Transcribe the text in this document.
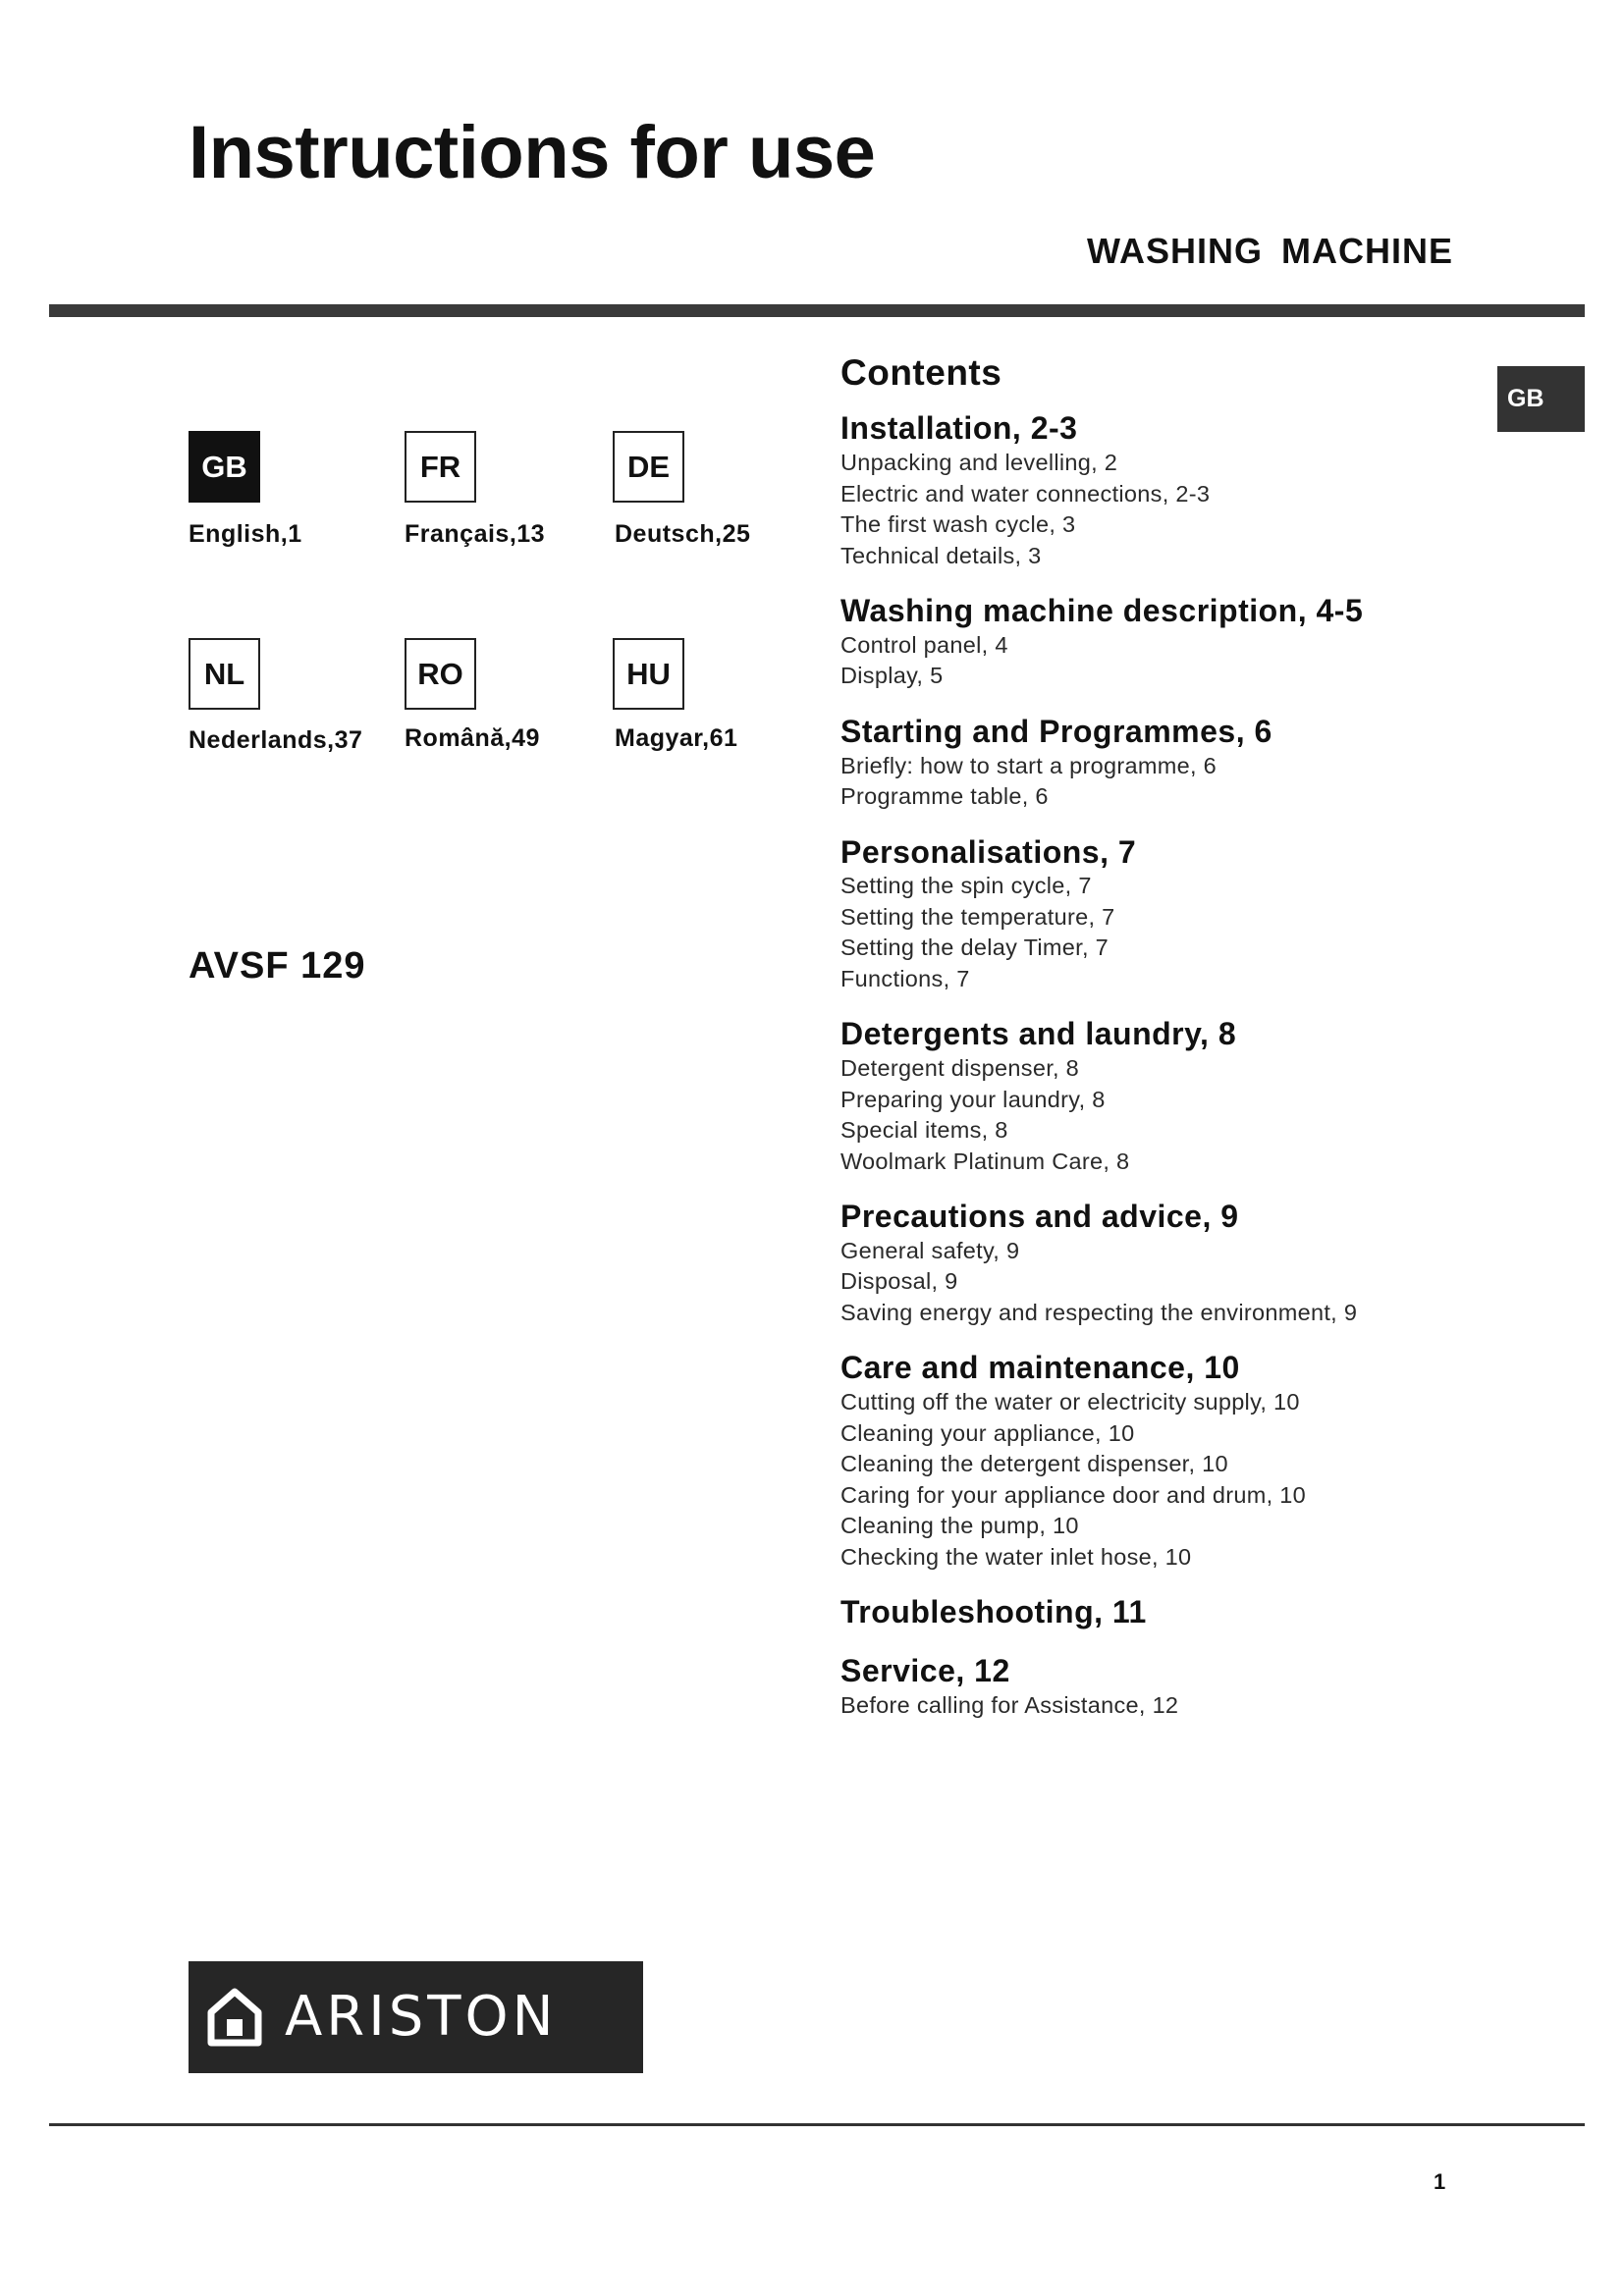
Instructions for use
WASHING MACHINE
GB
GB
English,1
FR
Français,13
DE
Deutsch,25
NL
Nederlands,37
RO
Română,49
HU
Magyar,61
AVSF 129
Contents
Installation, 2-3
Unpacking and levelling, 2
Electric and water connections, 2-3
The first wash cycle, 3
Technical details, 3
Washing machine description, 4-5
Control panel, 4
Display, 5
Starting and Programmes, 6
Briefly: how to start a programme, 6
Programme table, 6
Personalisations, 7
Setting the spin cycle, 7
Setting the temperature, 7
Setting the delay Timer, 7
Functions, 7
Detergents and laundry, 8
Detergent dispenser, 8
Preparing your laundry, 8
Special items, 8
Woolmark Platinum Care, 8
Precautions and advice, 9
General safety, 9
Disposal, 9
Saving energy and respecting the environment, 9
Care and maintenance, 10
Cutting off the water or electricity supply, 10
Cleaning your appliance, 10
Cleaning the detergent dispenser, 10
Caring for your appliance door and drum, 10
Cleaning the pump, 10
Checking the water inlet hose, 10
Troubleshooting, 11
Service, 12
Before calling for Assistance, 12
ARISTON
1
